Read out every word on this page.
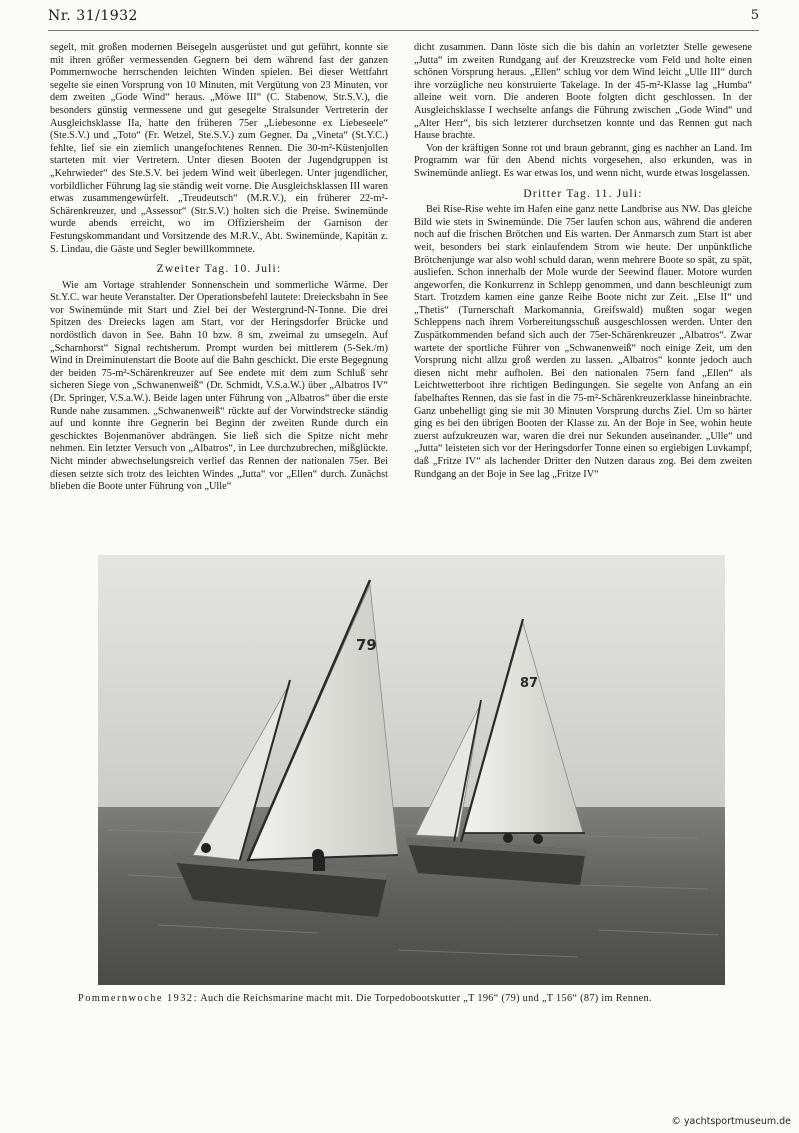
Nr. 31/1932	5

segelt, mit großen modernen Beisegeln ausgerüstet und gut geführt, konnte sie mit ihren größer vermessenden Gegnern bei dem während fast der ganzen Pommernwoche herrschenden leichten Winden spielen. Bei dieser Wettfahrt segelte sie einen Vorsprung von 10 Minuten, mit Vergütung von 23 Minuten, vor dem zweiten „Gode Wind“ heraus. „Möwe III“ (C. Stabenow, Str.S.V.), die besonders günstig vermessene und gut gesegelte Stralsunder Vertreterin der Ausgleichsklasse IIa, hatte den früheren 75er „Liebesonne ex Liebeseele“ (Ste.S.V.) und „Toto“ (Fr. Wetzel, Ste.S.V.) zum Gegner. Da „Vineta“ (St.Y.C.) fehlte, lief sie ein ziemlich unangefochtenes Rennen. Die 30-m²-Küstenjollen starteten mit vier Vertretern. Unter diesen Booten der Jugendgruppen ist „Kehrwieder“ des Ste.S.V. bei jedem Wind weit überlegen. Unter jugendlicher, vorbildlicher Führung lag sie ständig weit vorne. Die Ausgleichsklassen III waren etwas zusammengewürfelt. „Treudeutsch“ (M.R.V.), ein früherer 22-m²-Schärenkreuzer, und „Assessor“ (Str.S.V.) holten sich die Preise. Swinemünde wurde abends erreicht, wo im Offiziersheim der Garnison der Festungskommandant und Vorsitzende des M.R.V., Abt. Swinemünde, Kapitän z. S. Lindau, die Gäste und Segler bewillkommnete.

Zweiter Tag. 10. Juli:

Wie am Vortage strahlender Sonnenschein und sommerliche Wärme. Der St.Y.C. war heute Veranstalter. Der Operationsbefehl lautete: Dreiecksbahn in See vor Swinemünde mit Start und Ziel bei der Westergrund-N-Tonne. Die drei Spitzen des Dreiecks lagen am Start, vor der Heringsdorfer Brücke und nordöstlich davon in See. Bahn 10 bzw. 8 sm, zweimal zu umsegeln. Auf „Scharnhorst“ Signal rechtsherum. Prompt wurden bei mittlerem (5-Sek./m) Wind in Dreiminutenstart die Boote auf die Bahn geschickt. Die erste Begegnung der beiden 75-m²-Schärenkreuzer auf See endete mit dem zum Schluß sehr sicheren Siege von „Schwanenweiß“ (Dr. Schmidt, V.S.a.W.) über „Albatros IV“ (Dr. Springer, V.S.a.W.). Beide lagen unter Führung von „Albatros“ über die erste Runde nahe zusammen. „Schwanenweiß“ rückte auf der Vorwindstrecke ständig auf und konnte ihre Gegnerin bei Beginn der zweiten Runde durch ein geschicktes Bojenmanöver abdrängen. Sie ließ sich die Spitze nicht mehr nehmen. Ein letzter Versuch von „Albatros“, in Lee durchzubrechen, mißglückte. Nicht minder abwechselungsreich verlief das Rennen der nationalen 75er. Bei diesen setzte sich trotz des leichten Windes „Jutta“ vor „Ellen“ durch. Zunächst blieben die Boote unter Führung von „Ulle“

dicht zusammen. Dann löste sich die bis dahin an vorletzter Stelle gewesene „Jutta“ im zweiten Rundgang auf der Kreuzstrecke vom Feld und holte einen schönen Vorsprung heraus. „Ellen“ schlug vor dem Wind leicht „Ulle III“ durch ihre vorzügliche neu konstruierte Takelage. In der 45-m²-Klasse lag „Humba“ alleine weit vorn. Die anderen Boote folgten dicht geschlossen. In der Ausgleichsklasse I wechselte anfangs die Führung zwischen „Gode Wind“ und „Alter Herr“, bis sich letzterer durchsetzen konnte und das Rennen gut nach Hause brachte.

Von der kräftigen Sonne rot und braun gebrannt, ging es nachher an Land. Im Programm war für den Abend nichts vorgesehen, also erkunden, was in Swinemünde anliegt. Es war etwas los, und wenn nicht, wurde etwas losgelassen.

Dritter Tag. 11. Juli:

Bei Rise-Rise wehte im Hafen eine ganz nette Landbrise aus NW. Das gleiche Bild wie stets in Swinemünde. Die 75er laufen schon aus, während die anderen noch auf die frischen Brötchen und Eis warten. Der Anmarsch zum Start ist aber weit, besonders bei stark einlaufendem Strom wie heute. Der unpünktliche Brötchenjunge war also wohl schuld daran, wenn mehrere Boote so spät, zu spät, ausliefen. Schon innerhalb der Mole wurde der Seewind flauer. Motore wurden angeworfen, die Konkurrenz in Schlepp genommen, und dann beschleunigt zum Start. Trotzdem kamen eine ganze Reihe Boote nicht zur Zeit. „Else II“ und „Thetis“ (Turnerschaft Markomannia, Greifswald) mußten sogar wegen Schleppens nach ihrem Vorbereitungsschuß ausgeschlossen werden. Unter den Zuspätkommenden befand sich auch der 75er-Schärenkreuzer „Albatros“. Zwar wartete der sportliche Führer von „Schwanenweiß“ noch einige Zeit, um den Vorsprung nicht allzu groß werden zu lassen. „Albatros“ konnte jedoch auch diesen nicht mehr aufholen. Bei den nationalen 75ern fand „Ellen“ als Leichtwetterboot ihre richtigen Bedingungen. Sie segelte von Anfang an ein fabelhaftes Rennen, das sie fast in die 75-m²-Schärenkreuzerklasse hineinbrachte. Ganz unbehelligt ging sie mit 30 Minuten Vorsprung durchs Ziel. Um so härter ging es bei den übrigen Booten der Klasse zu. An der Boje in See, wohin heute zuerst aufzukreuzen war, waren die drei nur Sekunden auseinander. „Ulle“ und „Jutta“ leisteten sich vor der Heringsdorfer Tonne einen so ergiebigen Luvkampf, daß „Fritze IV“ als lachender Dritter den Nutzen daraus zog. Bei dem zweiten Rundgang an der Boje in See lag „Fritze IV“

79
87
Pommernwoche 1932: Auch die Reichsmarine macht mit. Die Torpedobootskutter „T 196“ (79) und „T 156“ (87) im Rennen.
© yachtsportmuseum.de
